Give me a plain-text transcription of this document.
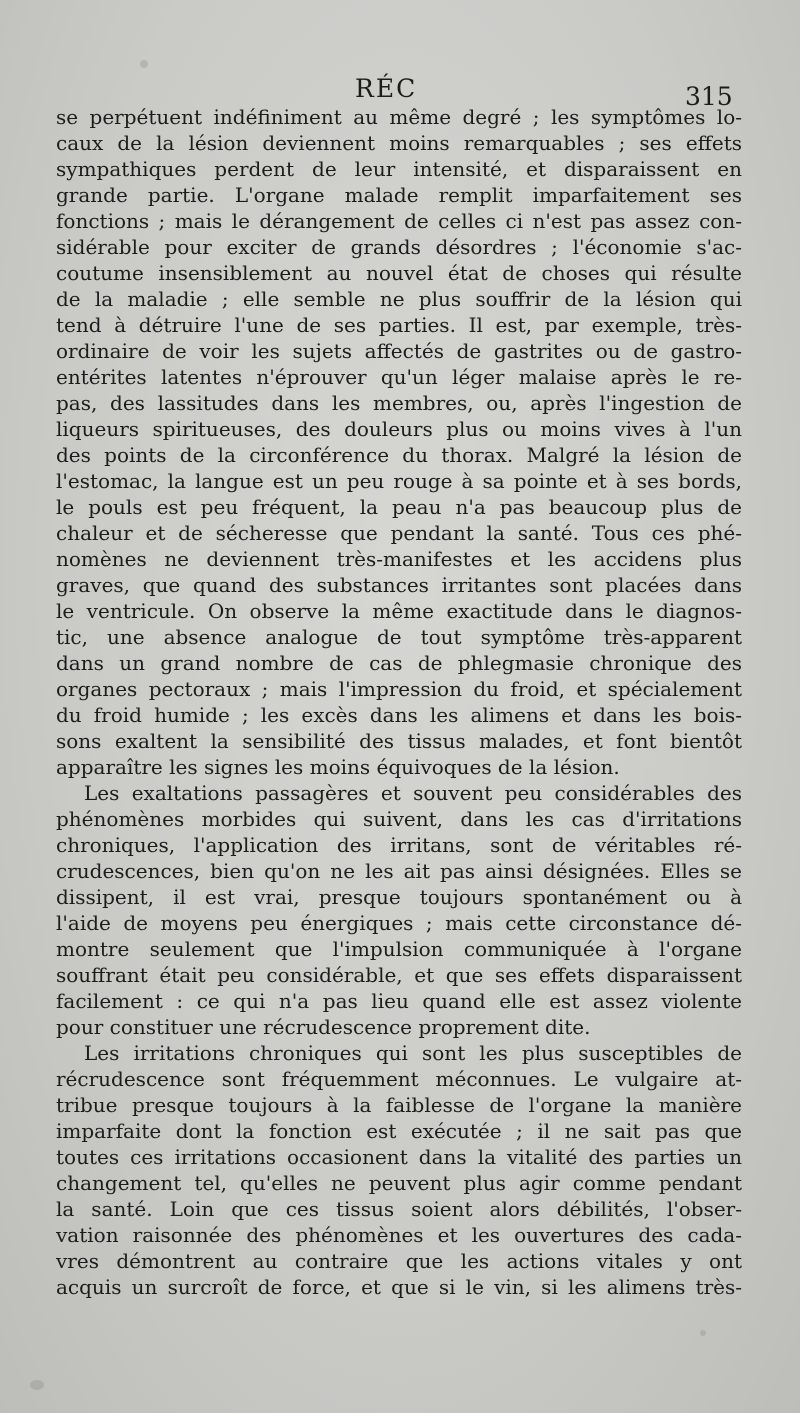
RÉC	315
se perpétuent indéfiniment au même degré ; les symptômes lo-
caux de la lésion deviennent moins remarquables ; ses effets
sympathiques perdent de leur intensité, et disparaissent en
grande partie. L'organe malade remplit imparfaitement ses
fonctions ; mais le dérangement de celles ci n'est pas assez con-
sidérable pour exciter de grands désordres ; l'économie s'ac-
coutume insensiblement au nouvel état de choses qui résulte
de la maladie ; elle semble ne plus souffrir de la lésion qui
tend à détruire l'une de ses parties. Il est, par exemple, très-
ordinaire de voir les sujets affectés de gastrites ou de gastro-
entérites latentes n'éprouver qu'un léger malaise après le re-
pas, des lassitudes dans les membres, ou, après l'ingestion de
liqueurs spiritueuses, des douleurs plus ou moins vives à l'un
des points de la circonférence du thorax. Malgré la lésion de
l'estomac, la langue est un peu rouge à sa pointe et à ses bords,
le pouls est peu fréquent, la peau n'a pas beaucoup plus de
chaleur et de sécheresse que pendant la santé. Tous ces phé-
nomènes ne deviennent très-manifestes et les accidens plus
graves, que quand des substances irritantes sont placées dans
le ventricule. On observe la même exactitude dans le diagnos-
tic, une absence analogue de tout symptôme très-apparent
dans un grand nombre de cas de phlegmasie chronique des
organes pectoraux ; mais l'impression du froid, et spécialement
du froid humide ; les excès dans les alimens et dans les bois-
sons exaltent la sensibilité des tissus malades, et font bientôt
apparaître les signes les moins équivoques de la lésion.
Les exaltations passagères et souvent peu considérables des
phénomènes morbides qui suivent, dans les cas d'irritations
chroniques, l'application des irritans, sont de véritables ré-
crudescences, bien qu'on ne les ait pas ainsi désignées. Elles se
dissipent, il est vrai, presque toujours spontanément ou à
l'aide de moyens peu énergiques ; mais cette circonstance dé-
montre seulement que l'impulsion communiquée à l'organe
souffrant était peu considérable, et que ses effets disparaissent
facilement : ce qui n'a pas lieu quand elle est assez violente
pour constituer une récrudescence proprement dite.
Les irritations chroniques qui sont les plus susceptibles de
récrudescence sont fréquemment méconnues. Le vulgaire at-
tribue presque toujours à la faiblesse de l'organe la manière
imparfaite dont la fonction est exécutée ; il ne sait pas que
toutes ces irritations occasionent dans la vitalité des parties un
changement tel, qu'elles ne peuvent plus agir comme pendant
la santé. Loin que ces tissus soient alors débilités, l'obser-
vation raisonnée des phénomènes et les ouvertures des cada-
vres démontrent au contraire que les actions vitales y ont
acquis un surcroît de force, et que si le vin, si les alimens très-
